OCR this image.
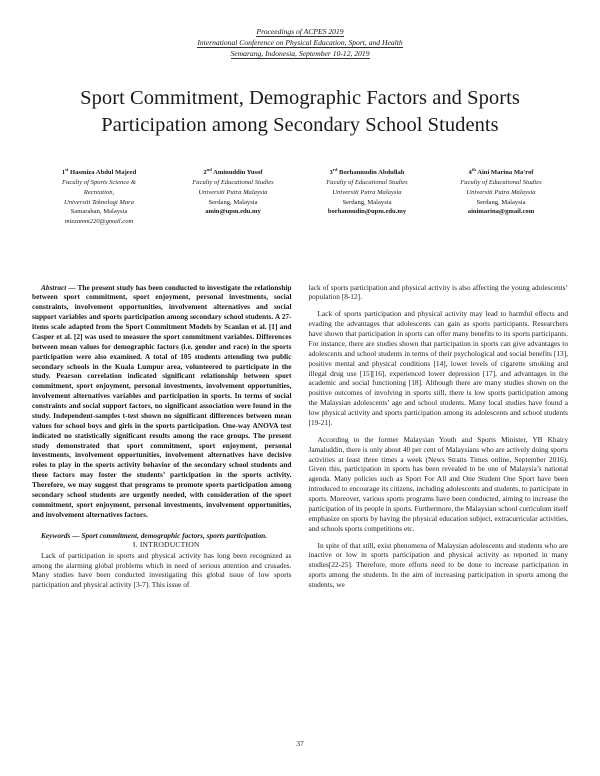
Proceedings of ACPES 2019
International Conference on Physical Education, Sport, and Health
Semarang, Indonesia, September 10-12, 2019
Sport Commitment, Demographic Factors and Sports Participation among Secondary School Students
1st Hasmiza Abdul Majeed
Faculty of Sports Science &
Recreation,
Universiti Teknologi Mara
Samarahan, Malaysia
miezamm220@gmail.com
2nd Aminuddin Yusof
Faculty of Educational Studies
Universiti Putra Malaysia
Serdang, Malaysia
amin@upm.edu.my
3rd Borhannudin Abdullah
Faculty of Educational Studies
Universiti Putra Malaysia
Serdang, Malaysia
borhannudin@upm.edu.my
4th Aini Marina Ma'rof
Faculty of Educational Studies
Universiti Putra Malaysia
Serdang, Malaysia
ainimarina@gmail.com

Abstract — The present study has been conducted to investigate the relationship between sport commitment, sport enjoyment, personal investments, social constraints, involvement opportunities, involvement alternatives and social support variables and sports participation among secondary school students. A 27-items scale adapted from the Sport Commitment Models by Scanlan et al. [1] and Casper et al. [2] was used to measure the sport commitment variables. Differences between mean values for demographic factors (i.e. gender and race) in the sports participation were also examined. A total of 105 students attending two public secondary schools in the Kuala Lumpur area, volunteered to participate in the study. Pearson correlation indicated significant relationship between sport commitment, sport enjoyment, personal investments, involvement opportunities, involvement alternatives variables and participation in sports. In terms of social constraints and social support factors, no significant association were found in the study. Independent-samples t-test shown no significant differences between mean values for school boys and girls in the sports participation. One-way ANOVA test indicated no statistically significant results among the race groups. The present study demonstrated that sport commitment, sport enjoyment, personal investments, involvement opportunities, involvement alternatives have decisive roles to play in the sports activity behavior of the secondary school students and these factors may foster the students’ participation in the sports activity. Therefore, we may suggest that programs to promote sports participation among secondary school students are urgently needed, with consideration of the sport commitment, sport enjoyment, personal investments, involvement opportunities, and involvement alternatives factors.

Keywords — Sport commitment, demographic factors, sports participation.

I. INTRODUCTION

Lack of participation in sports and physical activity has long been recognized as among the alarming global problems which in need of serious attention and crusades. Many studies have been conducted investigating this global issue of low sports participation and physical activity [3-7]. This issue of

lack of sports participation and physical activity is also affecting the young adolescents’ population [8-12].

Lack of sports participation and physical activity may lead to harmful effects and evading the advantages that adolescents can gain as sports participants. Researchers have shown that participation in sports can offer many benefits to its sports participants. For instance, there are studies shown that participation in sports can give advantages to adolescents and school students in terms of their psychological and social benefits [13], positive mental and physical conditions [14], lower levels of cigarette smoking and illegal drug use [15][16], experienced lower depression [17], and advantages in the academic and social functioning [18]. Although there are many studies shown on the positive outcomes of involving in sports still, there is low sports participation among the Malaysian adolescents’ age and school students. Many local studies have found a low physical activity and sports participation among its adolescents and school students [19-21].

According to the former Malaysian Youth and Sports Minister, YB Khairy Jamaluddin, there is only about 40 per cent of Malaysians who are actively doing sports activities at least three times a week (News Straits Times online, September 2016). Given this, participation in sports has been revealed to be one of Malaysia’s national agenda. Many policies such as Sport For All and One Student One Sport have been introduced to encourage its citizens, including adolescents and students, to participate in sports. Moreover, various sports programs have been conducted, aiming to increase the participation of its people in sports. Furthermore, the Malaysian school curriculum itself emphasize on sports by having the physical education subject, extracurricular activities, and schools sports competitions etc.

In spite of that still, exist phenomena of Malaysian adolescents and students who are inactive or low in sports participation and physical activity as reported in many studies[22-25]. Therefore, more efforts need to be done to increase participation in sports among the students. In the aim of increasing participation in sports among the students, we

37
